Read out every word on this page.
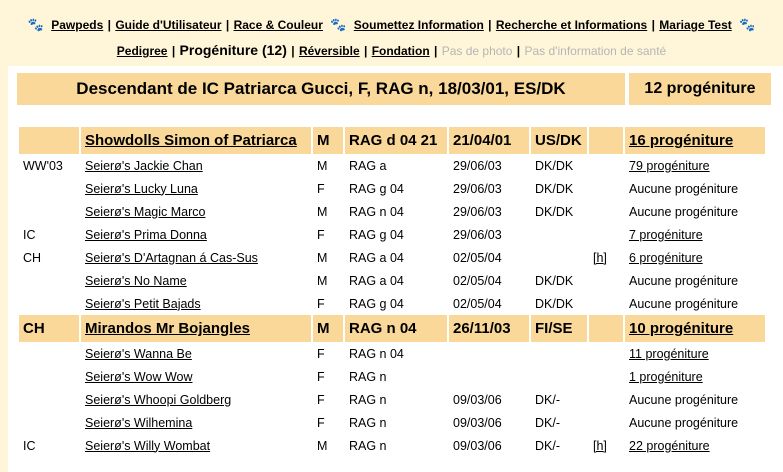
🐾 Pawpeds | Guide d'Utilisateur | Race & Couleur 🐾 Soumettez Information | Recherche et Informations | Mariage Test 🐾
Pedigree | Progéniture (12) | Réversible | Fondation | Pas de photo | Pas d'information de santé
Descendant de IC Patriarca Gucci, F, RAG n, 18/03/01, ES/DK	12 progéniture
	Showdolls Simon of Patriarca	M	RAG d 04 21	21/04/01	US/DK		16 progéniture
WW'03	Seierø's Jackie Chan	M	RAG a	29/06/03	DK/DK		79 progéniture
	Seierø's Lucky Luna	F	RAG g 04	29/06/03	DK/DK		Aucune progéniture
	Seierø's Magic Marco	M	RAG n 04	29/06/03	DK/DK		Aucune progéniture
IC	Seierø's Prima Donna	F	RAG g 04	29/06/03			7 progéniture
CH	Seierø's D'Artagnan á Cas-Sus	M	RAG a 04	02/05/04		[h]	6 progéniture
	Seierø's No Name	M	RAG a 04	02/05/04	DK/DK		Aucune progéniture
	Seierø's Petit Bajads	F	RAG g 04	02/05/04	DK/DK		Aucune progéniture
CH	Mirandos Mr Bojangles	M	RAG n 04	26/11/03	FI/SE		10 progéniture
	Seierø's Wanna Be	F	RAG n 04				11 progéniture
	Seierø's Wow Wow	F	RAG n				1 progéniture
	Seierø's Whoopi Goldberg	F	RAG n	09/03/06	DK/-		Aucune progéniture
	Seierø's Wilhemina	F	RAG n	09/03/06	DK/-		Aucune progéniture
IC	Seierø's Willy Wombat	M	RAG n	09/03/06	DK/-	[h]	22 progéniture
